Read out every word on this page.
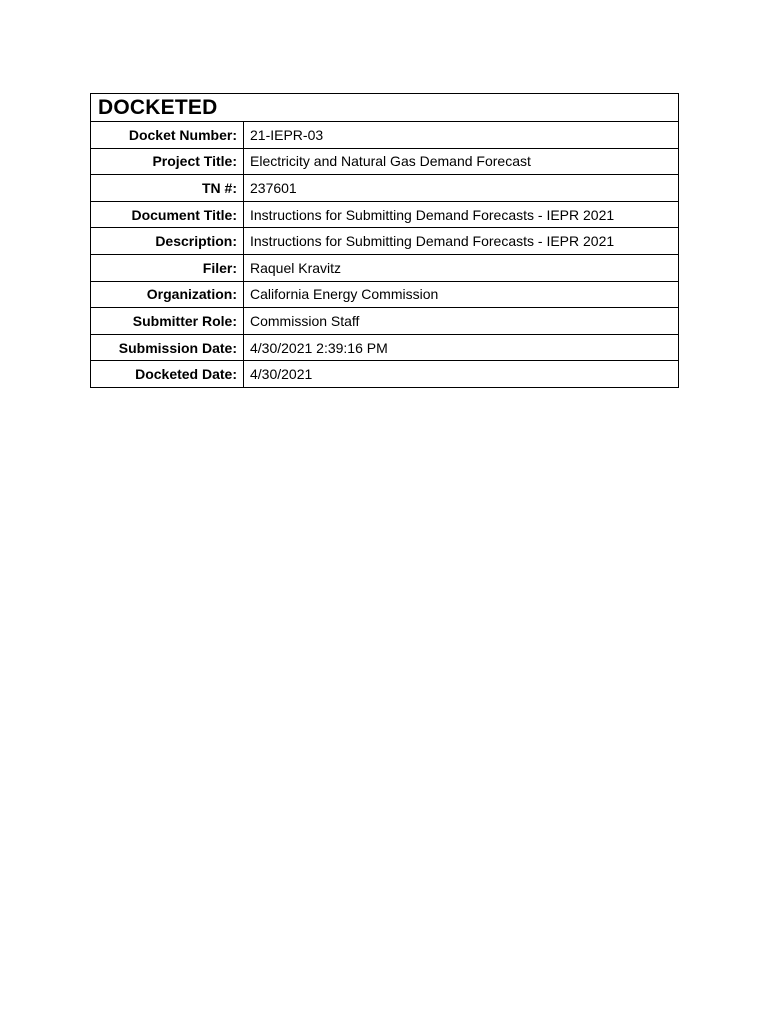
DOCKETED
Docket Number:	21-IEPR-03
Project Title:	Electricity and Natural Gas Demand Forecast
TN #:	237601
Document Title:	Instructions for Submitting Demand Forecasts - IEPR 2021
Description:	Instructions for Submitting Demand Forecasts - IEPR 2021
Filer:	Raquel Kravitz
Organization:	California Energy Commission
Submitter Role:	Commission Staff
Submission Date:	4/30/2021 2:39:16 PM
Docketed Date:	4/30/2021
